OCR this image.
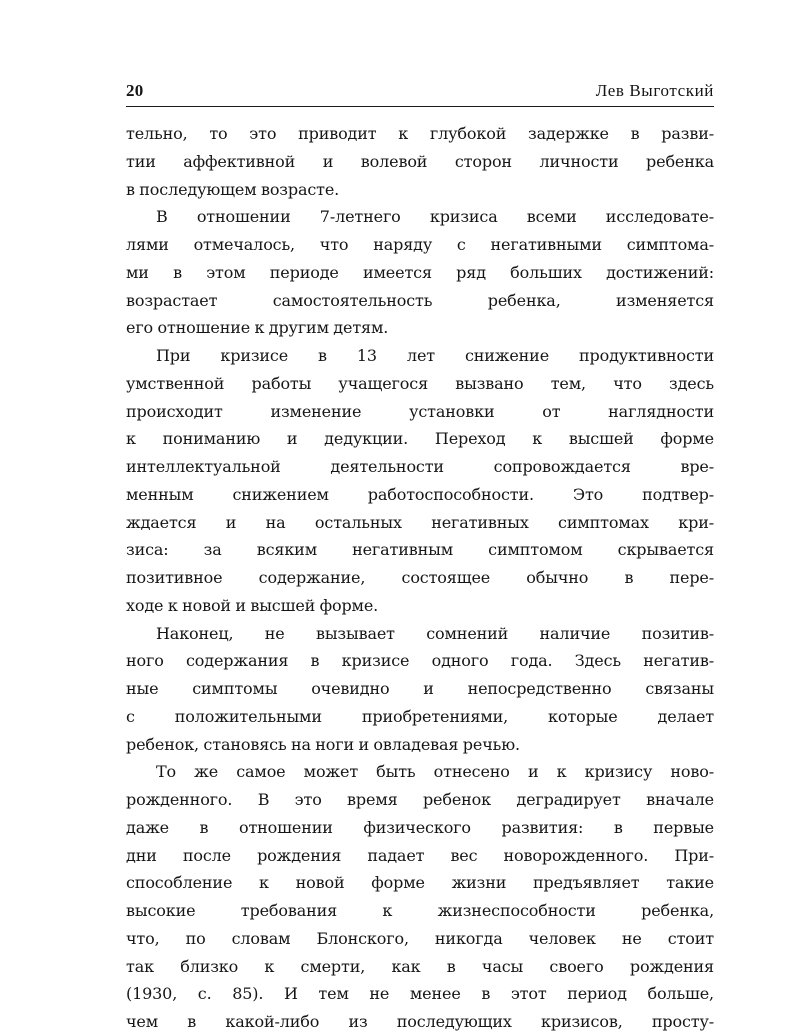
20	Лев Выготский
тельно, то это приводит к глубокой задержке в разви-
тии аффективной и волевой сторон личности ребенка
в последующем возрасте.
В отношении 7-летнего кризиса всеми исследовате-
лями отмечалось, что наряду с негативными симптома-
ми в этом периоде имеется ряд больших достижений:
возрастает самостоятельность ребенка, изменяется
его отношение к другим детям.
При кризисе в 13 лет снижение продуктивности
умственной работы учащегося вызвано тем, что здесь
происходит изменение установки от наглядности
к пониманию и дедукции. Переход к высшей форме
интеллектуальной деятельности сопровождается вре-
менным снижением работоспособности. Это подтвер-
ждается и на остальных негативных симптомах кри-
зиса: за всяким негативным симптомом скрывается
позитивное содержание, состоящее обычно в пере-
ходе к новой и высшей форме.
Наконец, не вызывает сомнений наличие позитив-
ного содержания в кризисе одного года. Здесь негатив-
ные симптомы очевидно и непосредственно связаны
с положительными приобретениями, которые делает
ребенок, становясь на ноги и овладевая речью.
То же самое может быть отнесено и к кризису ново-
рожденного. В это время ребенок деградирует вначале
даже в отношении физического развития: в первые
дни после рождения падает вес новорожденного. При-
способление к новой форме жизни предъявляет такие
высокие требования к жизнеспособности ребенка,
что, по словам Блонского, никогда человек не стоит
так близко к смерти, как в часы своего рождения
(1930, с. 85). И тем не менее в этот период больше,
чем в какой-либо из последующих кризисов, просту-
